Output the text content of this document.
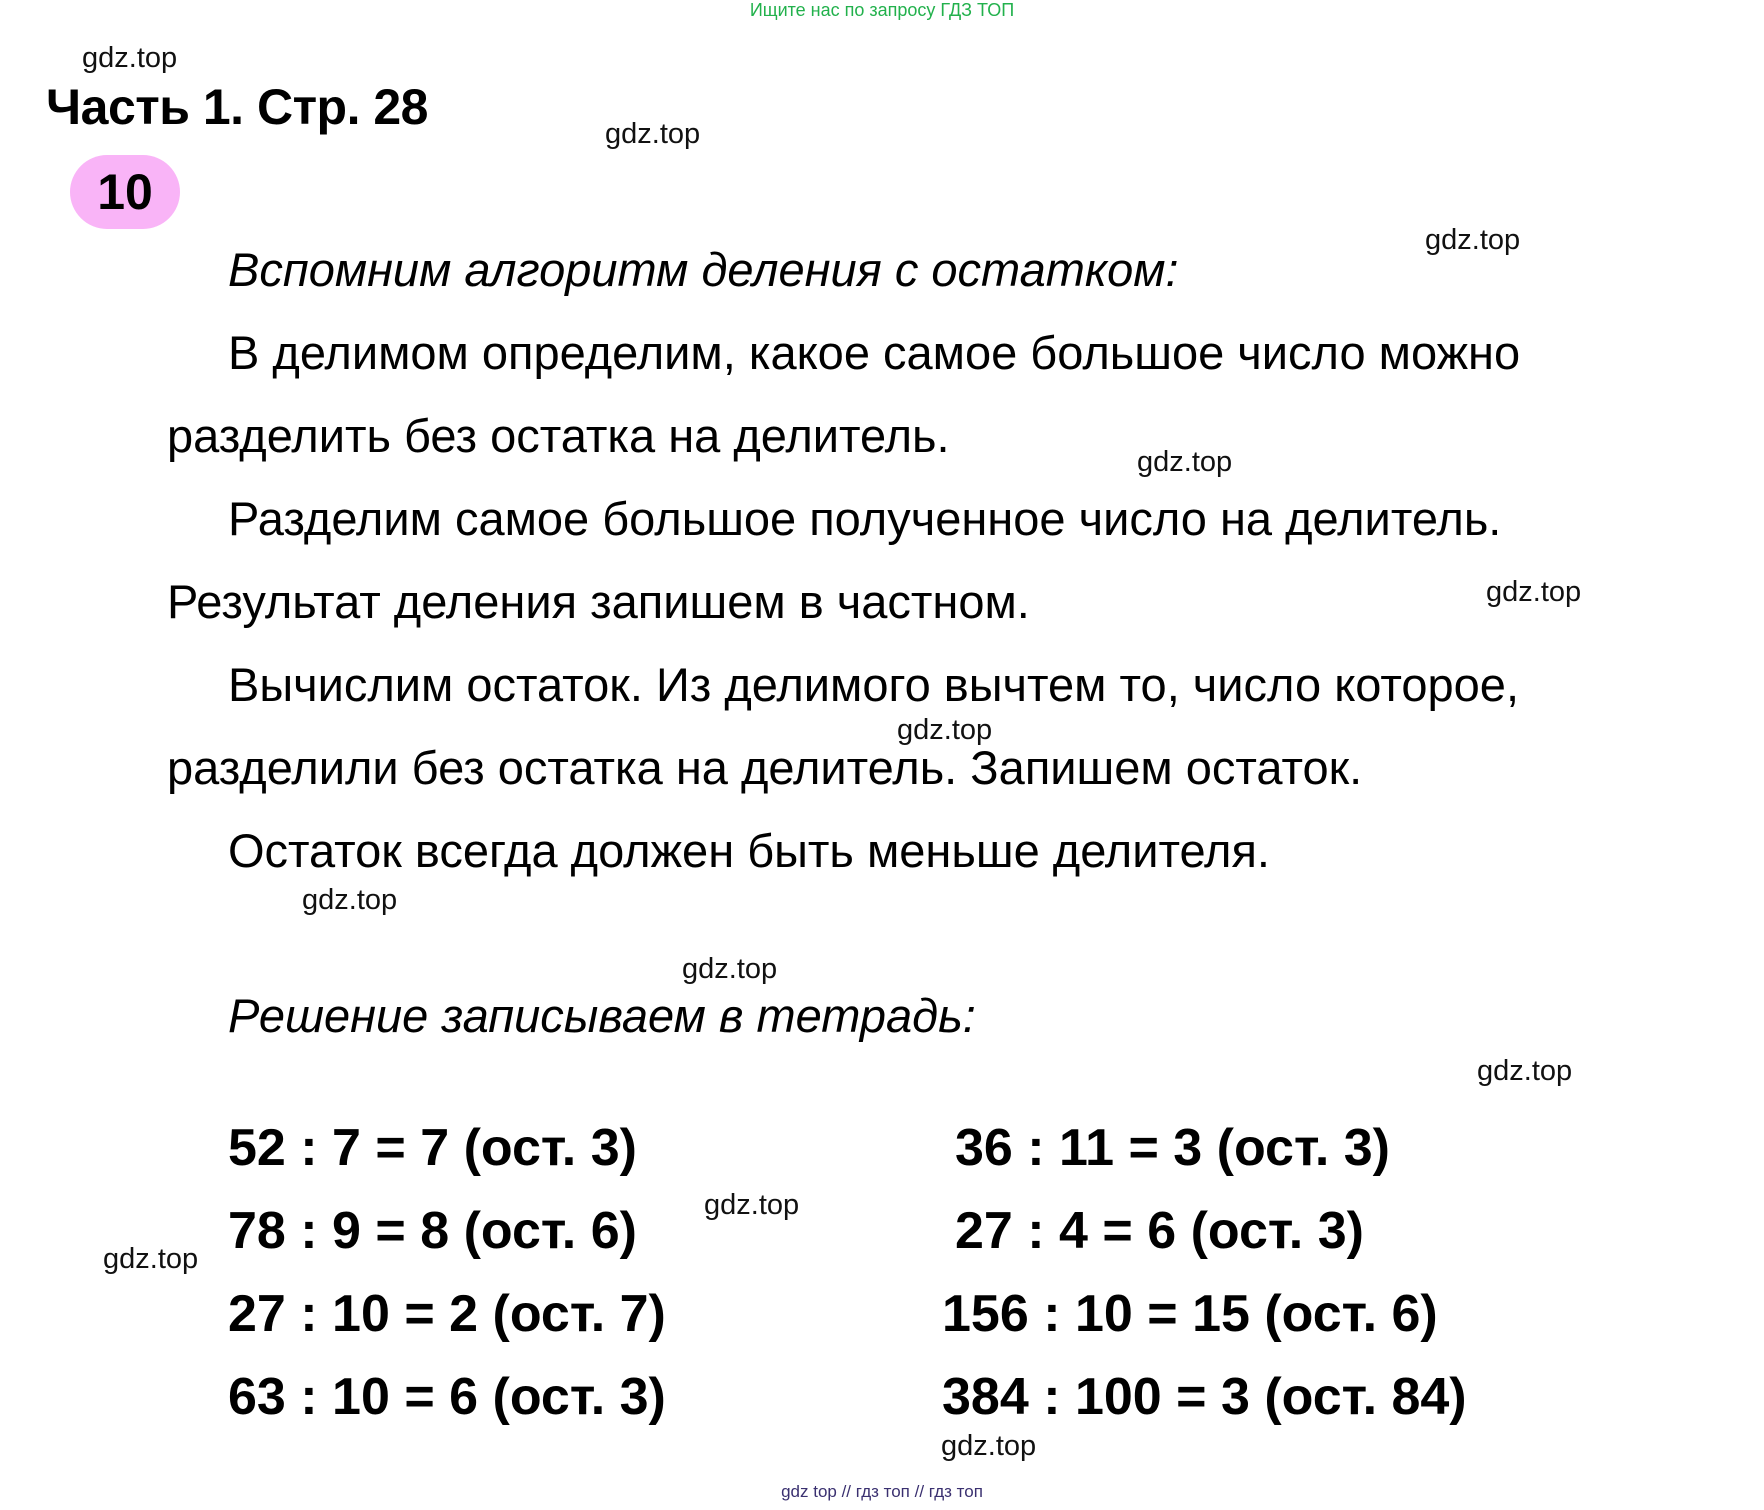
Ищите нас по запросу ГДЗ ТОП
Часть 1. Стр. 28
10
Вспомним алгоритм деления с остатком:
В делимом определим, какое самое большое число можно
разделить без остатка на делитель.
Разделим самое большое полученное число на делитель.
Результат деления запишем в частном.
Вычислим остаток. Из делимого вычтем то, число которое,
разделили без остатка на делитель. Запишем остаток.
Остаток всегда должен быть меньше делителя.
Решение записываем в тетрадь:
52 : 7 = 7 (ост. 3)
78 : 9 = 8 (ост. 6)
27 : 10 = 2 (ост. 7)
63 : 10 = 6 (ост. 3)
36 : 11 = 3 (ост. 3)
27 : 4 = 6 (ост. 3)
156 : 10 = 15 (ост. 6)
384 : 100 = 3 (ост. 84)
gdz.top
gdz.top
gdz.top
gdz.top
gdz.top
gdz.top
gdz.top
gdz.top
gdz.top
gdz.top
gdz.top
gdz.top
gdz top // гдз топ // гдз топ
